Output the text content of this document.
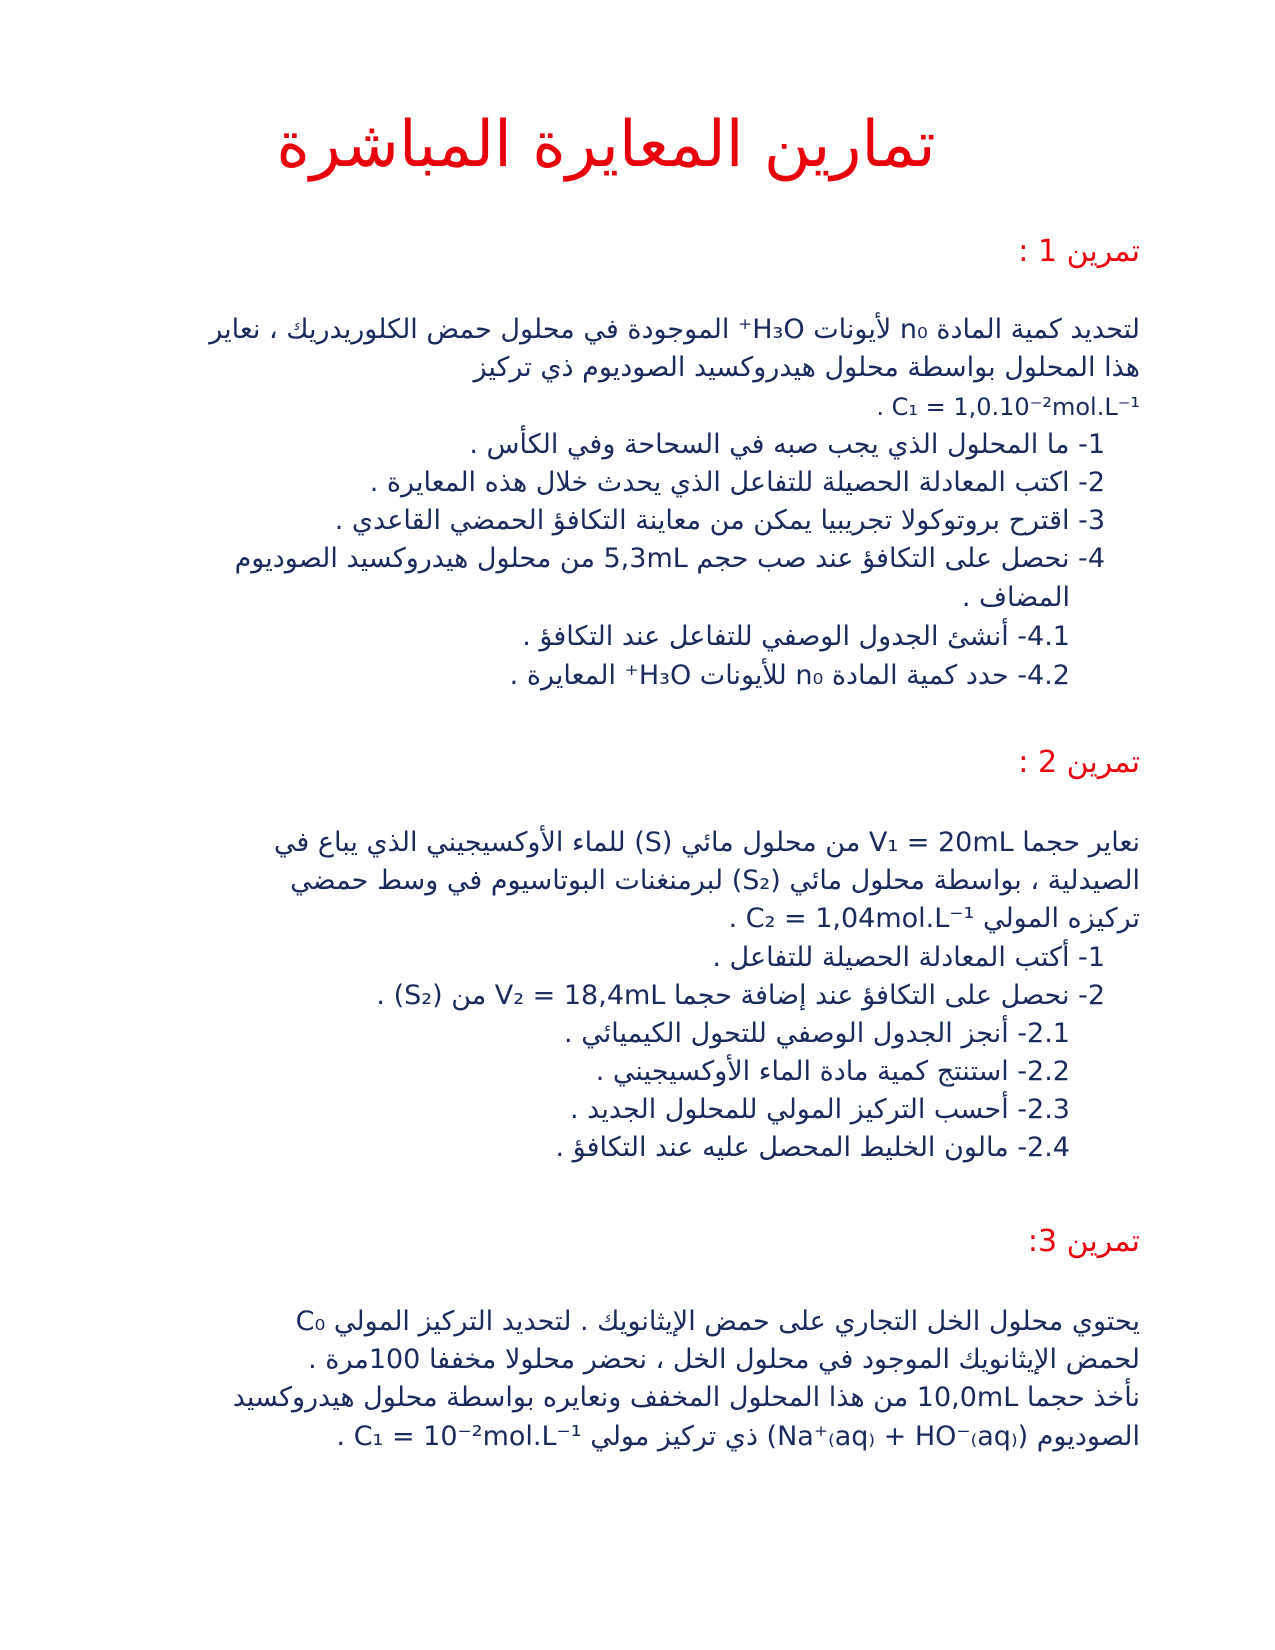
تمارين المعايرة المباشرة
تمرين 1 :
لتحديد كمية المادة n₀ لأيونات H₃O⁺ الموجودة في محلول حمض الكلوريدريك ، نعاير
هذا المحلول بواسطة محلول هيدروكسيد الصوديوم ذي تركيز
C₁ = 1,0.10⁻²mol.L⁻¹ .
1- ما المحلول الذي يجب صبه في السحاحة وفي الكأس .
2- اكتب المعادلة الحصيلة للتفاعل الذي يحدث خلال هذه المعايرة .
3- اقترح بروتوكولا تجريبيا يمكن من معاينة التكافؤ الحمضي القاعدي .
4- نحصل على التكافؤ عند صب حجم 5,3mL من محلول هيدروكسيد الصوديوم
المضاف .
4.1- أنشئ الجدول الوصفي للتفاعل عند التكافؤ .
4.2- حدد كمية المادة n₀ للأيونات H₃O⁺ المعايرة .
تمرين 2 :
نعاير حجما V₁ = 20mL من محلول مائي (S) للماء الأوكسيجيني الذي يباع في
الصيدلية ، بواسطة محلول مائي (S₂) لبرمنغنات البوتاسيوم في وسط حمضي
تركيزه المولي C₂ = 1,04mol.L⁻¹ .
1- أكتب المعادلة الحصيلة للتفاعل .
2- نحصل على التكافؤ عند إضافة حجما V₂ = 18,4mL من (S₂) .
2.1- أنجز الجدول الوصفي للتحول الكيميائي .
2.2- استنتج كمية مادة الماء الأوكسيجيني .
2.3- أحسب التركيز المولي للمحلول الجديد .
2.4- مالون الخليط المحصل عليه عند التكافؤ .
تمرين 3:
يحتوي محلول الخل التجاري على حمض الإيثانويك . لتحديد التركيز المولي C₀
لحمض الإيثانويك الموجود في محلول الخل ، نحضر محلولا مخففا 100مرة .
نأخذ حجما 10,0mL من هذا المحلول المخفف ونعايره بواسطة محلول هيدروكسيد
الصوديوم (Na⁺₍aq₎ + HO⁻₍aq₎) ذي تركيز مولي C₁ = 10⁻²mol.L⁻¹ .
